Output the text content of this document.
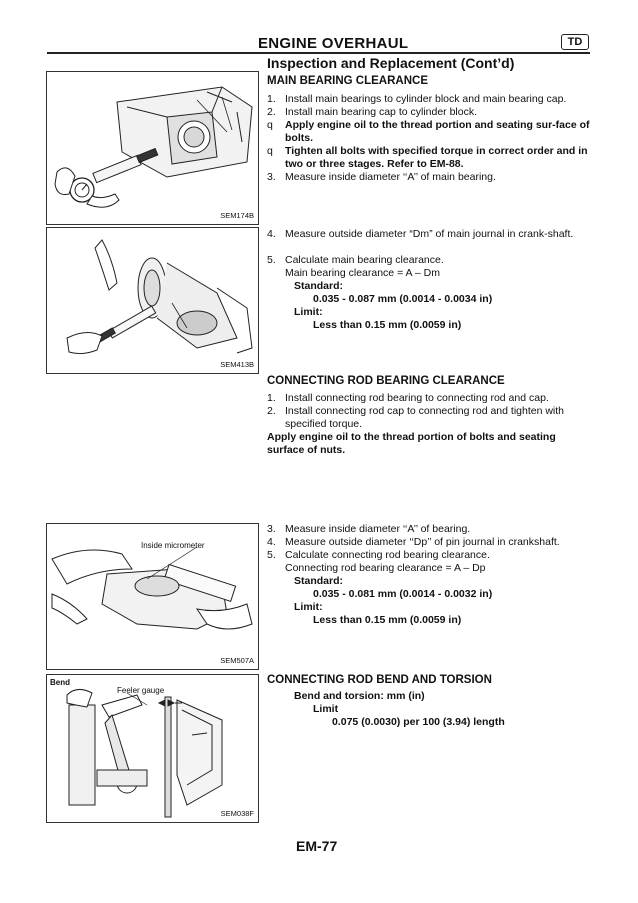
ENGINE OVERHAUL	TD
Inspection and Replacement (Cont’d)
SEM174B
SEM413B
Inside micrometer
SEM507A
Bend
Feeler gauge
SEM038F
MAIN BEARING CLEARANCE
1. Install main bearings to cylinder block and main bearing cap.
2. Install main bearing cap to cylinder block.
q Apply engine oil to the thread portion and seating sur-face of bolts.
q Tighten all bolts with specified torque in correct order and in two or three stages. Refer to EM-88.
3. Measure inside diameter ‘‘A’’ of main bearing.
4. Measure outside diameter “Dm” of main journal in crank-shaft.
5. Calculate main bearing clearance.
Main bearing clearance = A – Dm
Standard:
0.035 - 0.087 mm (0.0014 - 0.0034 in)
Limit:
Less than 0.15 mm (0.0059 in)
CONNECTING ROD BEARING CLEARANCE
1. Install connecting rod bearing to connecting rod and cap.
2. Install connecting rod cap to connecting rod and tighten with specified torque.
Apply engine oil to the thread portion of bolts and seating surface of nuts.
3. Measure inside diameter ‘‘A’’ of bearing.
4. Measure outside diameter ‘‘Dp’’ of pin journal in crankshaft.
5. Calculate connecting rod bearing clearance.
Connecting rod bearing clearance = A – Dp
Standard:
0.035 - 0.081 mm (0.0014 - 0.0032 in)
Limit:
Less than 0.15 mm (0.0059 in)
CONNECTING ROD BEND AND TORSION
Bend and torsion: mm (in)
Limit
0.075 (0.0030) per 100 (3.94) length
EM-77
